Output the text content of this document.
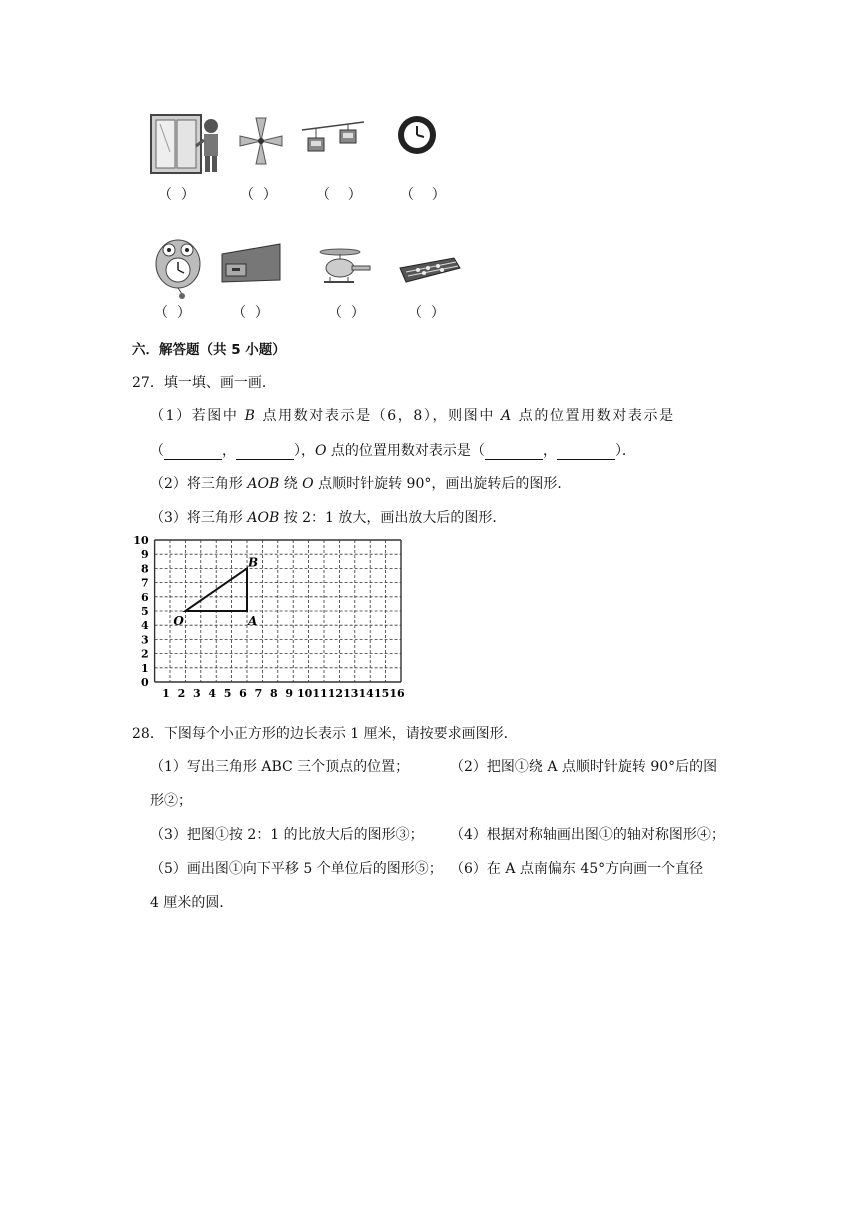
（  ）	（  ）	（    ）	（    ）
（  ）	（  ）	（  ）	（  ）
六．解答题（共 5 小题）
27．填一填、画一画．
（1）若图中 B 点用数对表示是（6，8），则图中 A 点的位置用数对表示是
（	，	），O 点的位置用数对表示是（	，	）．
（2）将三角形 AOB 绕 O 点顺时针旋转 90°，画出旋转后的图形．
（3）将三角形 AOB 按 2：1 放大，画出放大后的图形．
1 2 3 4 5 6 7 8 9 10 11 12 13 14 15 16
0
1
2
3
4
5
6
7
8
9
10
O	A
B
28．下图每个小正方形的边长表示 1 厘米，请按要求画图形．
（1）写出三角形 ABC 三个顶点的位置；	（2）把图①绕 A 点顺时针旋转 90°后的图
形②；
（3）把图①按 2：1 的比放大后的图形③； （4）根据对称轴画出图①的轴对称图形④；
（5）画出图①向下平移 5 个单位后的图形⑤； （6）在 A 点南偏东 45°方向画一个直径
4 厘米的圆．
